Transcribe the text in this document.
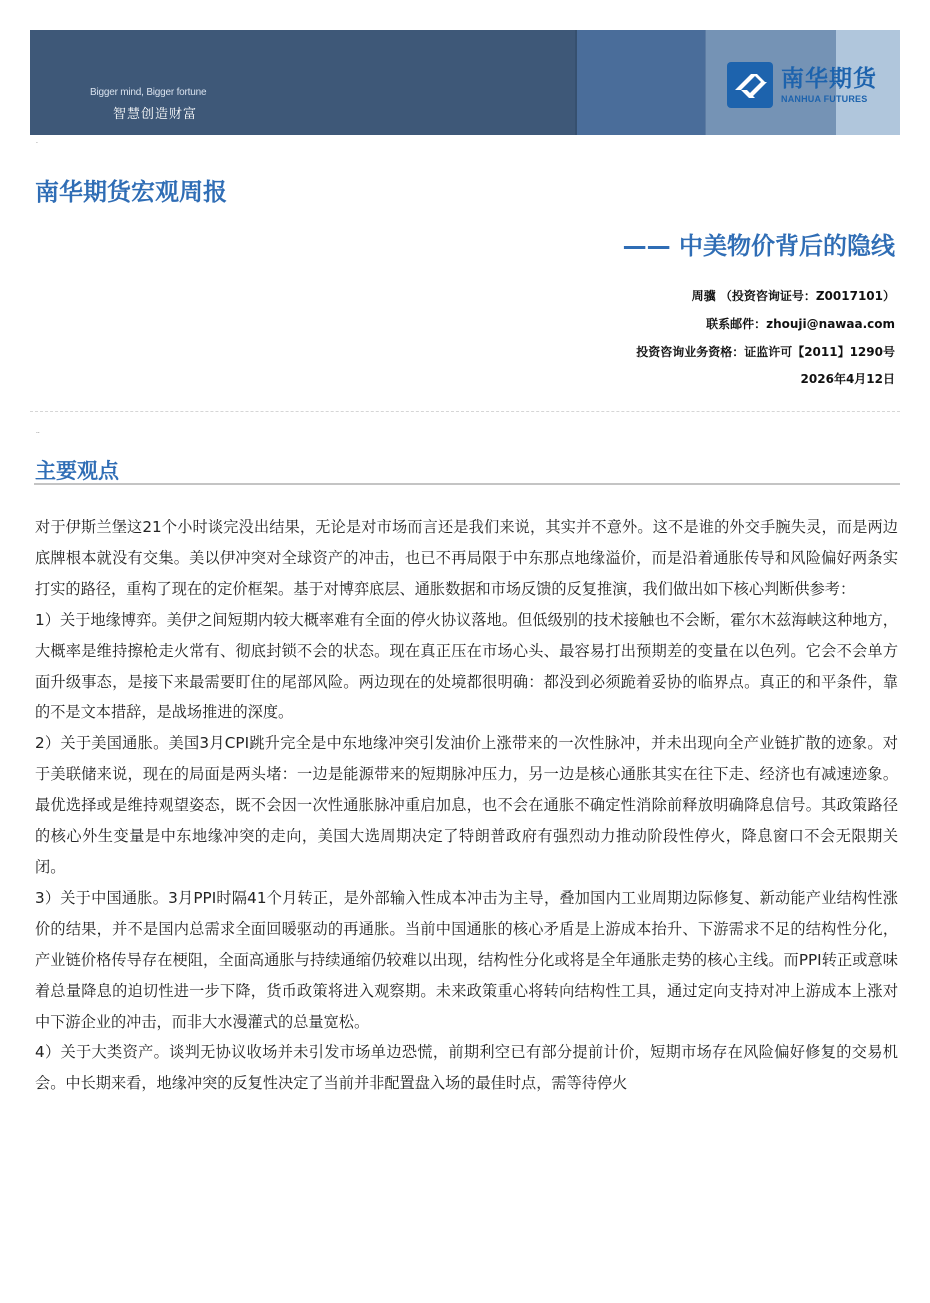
Bigger mind, Bigger fortune
智慧创造财富
南华期货
NANHUA FUTURES
·
南华期货宏观周报
—— 中美物价背后的隐线
周骥 （投资咨询证号：Z0017101）
联系邮件：zhouji@nawaa.com
投资咨询业务资格：证监许可【2011】1290号
2026年4月12日
··
主要观点

对于伊斯兰堡这21个小时谈完没出结果，无论是对市场而言还是我们来说，其实并不意外。这不是谁的外交手腕失灵，而是两边底牌根本就没有交集。美以伊冲突对全球资产的冲击，也已不再局限于中东那点地缘溢价，而是沿着通胀传导和风险偏好两条实打实的路径，重构了现在的定价框架。基于对博弈底层、通胀数据和市场反馈的反复推演，我们做出如下核心判断供参考：

1）关于地缘博弈。美伊之间短期内较大概率难有全面的停火协议落地。但低级别的技术接触也不会断，霍尔木兹海峡这种地方，大概率是维持擦枪走火常有、彻底封锁不会的状态。现在真正压在市场心头、最容易打出预期差的变量在以色列。它会不会单方面升级事态，是接下来最需要盯住的尾部风险。两边现在的处境都很明确：都没到必须跪着妥协的临界点。真正的和平条件，靠的不是文本措辞，是战场推进的深度。

2）关于美国通胀。美国3月CPI跳升完全是中东地缘冲突引发油价上涨带来的一次性脉冲，并未出现向全产业链扩散的迹象。对于美联储来说，现在的局面是两头堵：一边是能源带来的短期脉冲压力，另一边是核心通胀其实在往下走、经济也有减速迹象。最优选择或是维持观望姿态，既不会因一次性通胀脉冲重启加息，也不会在通胀不确定性消除前释放明确降息信号。其政策路径的核心外生变量是中东地缘冲突的走向，美国大选周期决定了特朗普政府有强烈动力推动阶段性停火，降息窗口不会无限期关闭。

3）关于中国通胀。3月PPI时隔41个月转正，是外部输入性成本冲击为主导，叠加国内工业周期边际修复、新动能产业结构性涨价的结果，并不是国内总需求全面回暖驱动的再通胀。当前中国通胀的核心矛盾是上游成本抬升、下游需求不足的结构性分化，产业链价格传导存在梗阻，全面高通胀与持续通缩仍较难以出现，结构性分化或将是全年通胀走势的核心主线。而PPI转正或意味着总量降息的迫切性进一步下降，货币政策将进入观察期。未来政策重心将转向结构性工具，通过定向支持对冲上游成本上涨对中下游企业的冲击，而非大水漫灌式的总量宽松。

4）关于大类资产。谈判无协议收场并未引发市场单边恐慌，前期利空已有部分提前计价，短期市场存在风险偏好修复的交易机会。中长期来看，地缘冲突的反复性决定了当前并非配置盘入场的最佳时点，需等待停火
